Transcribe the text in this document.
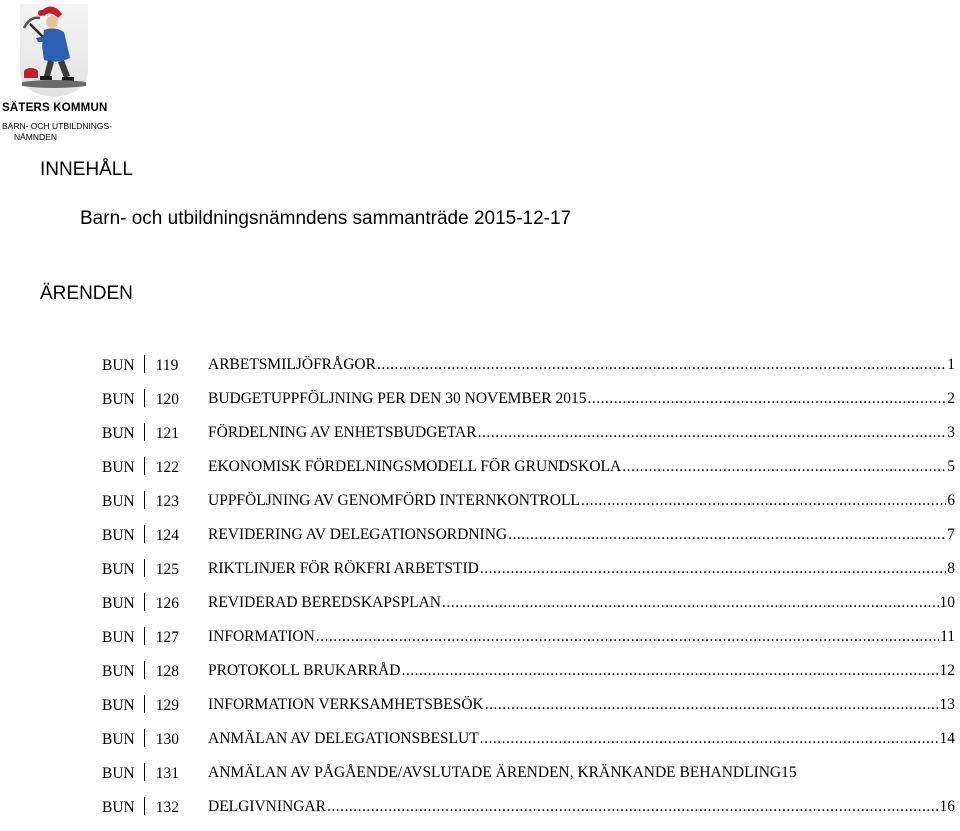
SÄTERS KOMMUN
BARN- OCH UTBILDNINGS-
NÄMNDEN
INNEHÅLL
Barn- och utbildningsnämndens sammanträde 2015-12-17
ÄRENDEN
BUN 119 ARBETSMILJÖFRÅGOR .....	1
BUN 120 BUDGETUPPFÖLJNING PER DEN 30 NOVEMBER 2015 .....	2
BUN 121 FÖRDELNING AV ENHETSBUDGETAR .....	3
BUN 122 EKONOMISK FÖRDELNINGSMODELL FÖR GRUNDSKOLA .....	5
BUN 123 UPPFÖLJNING AV GENOMFÖRD INTERNKONTROLL .....	6
BUN 124 REVIDERING AV DELEGATIONSORDNING .....	7
BUN 125 RIKTLINJER FÖR RÖKFRI ARBETSTID .....	8
BUN 126 REVIDERAD BEREDSKAPSPLAN .....	10
BUN 127 INFORMATION .....	11
BUN 128 PROTOKOLL BRUKARRÅD .....	12
BUN 129 INFORMATION VERKSAMHETSBESÖK .....	13
BUN 130 ANMÄLAN AV DELEGATIONSBESLUT .....	14
BUN 131 ANMÄLAN AV PÅGÅENDE/AVSLUTADE ÄRENDEN, KRÄNKANDE BEHANDLING 15
BUN 132 DELGIVNINGAR .....	16
